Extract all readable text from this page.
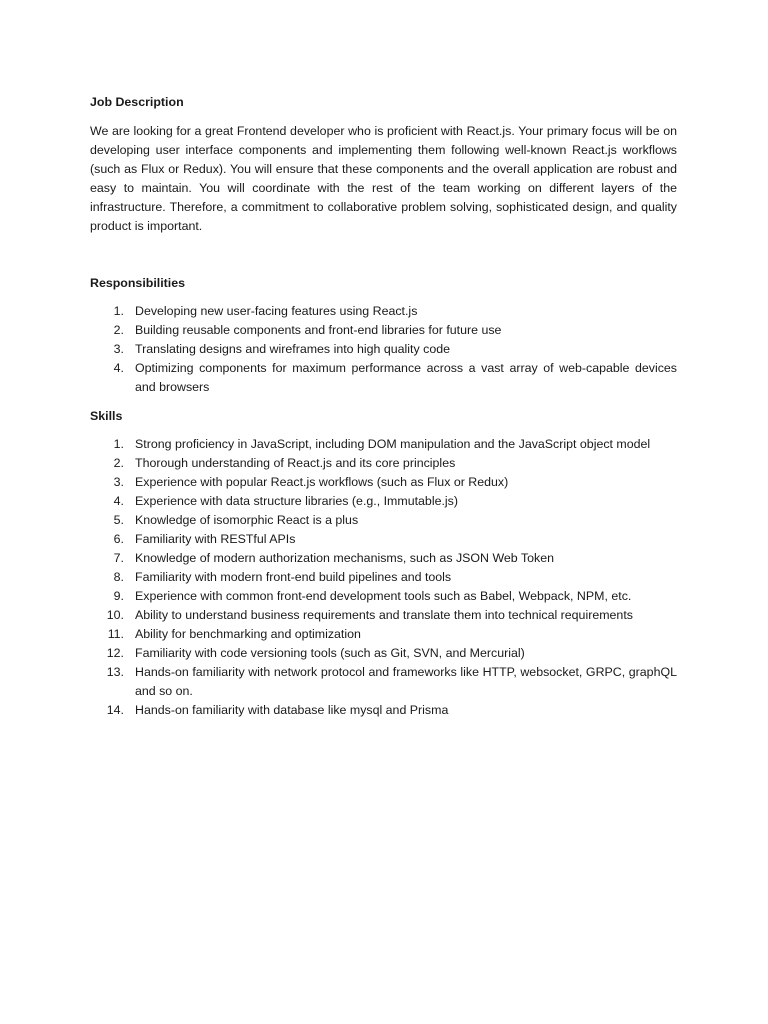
Job Description

We are looking for a great Frontend developer who is proficient with React.js. Your primary focus will be on developing user interface components and implementing them following well-known React.js workflows (such as Flux or Redux). You will ensure that these components and the overall application are robust and easy to maintain. You will coordinate with the rest of the team working on different layers of the infrastructure. Therefore, a commitment to collaborative problem solving, sophisticated design, and quality product is important.

Responsibilities
1. Developing new user-facing features using React.js
2. Building reusable components and front-end libraries for future use
3. Translating designs and wireframes into high quality code
4. Optimizing components for maximum performance across a vast array of web-capable devices and browsers
Skills
1. Strong proficiency in JavaScript, including DOM manipulation and the JavaScript object model
2. Thorough understanding of React.js and its core principles
3. Experience with popular React.js workflows (such as Flux or Redux)
4. Experience with data structure libraries (e.g., Immutable.js)
5. Knowledge of isomorphic React is a plus
6. Familiarity with RESTful APIs
7. Knowledge of modern authorization mechanisms, such as JSON Web Token
8. Familiarity with modern front-end build pipelines and tools
9. Experience with common front-end development tools such as Babel, Webpack, NPM, etc.
10. Ability to understand business requirements and translate them into technical requirements
11. Ability for benchmarking and optimization
12. Familiarity with code versioning tools (such as Git, SVN, and Mercurial)
13. Hands-on familiarity with network protocol and frameworks like HTTP, websocket, GRPC, graphQL and so on.
14. Hands-on familiarity with database like mysql and Prisma
